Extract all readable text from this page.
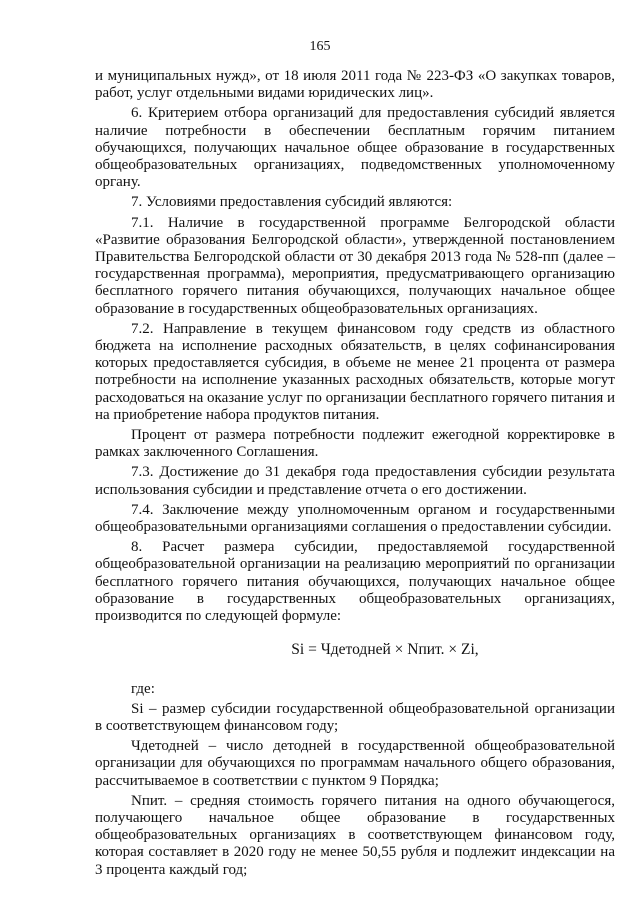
165

и муниципальных нужд», от 18 июля 2011 года № 223-ФЗ «О закупках товаров, работ, услуг отдельными видами юридических лиц».

6. Критерием отбора организаций для предоставления субсидий является наличие потребности в обеспечении бесплатным горячим питанием обучающихся, получающих начальное общее образование в государственных общеобразовательных организациях, подведомственных уполномоченному органу.

7. Условиями предоставления субсидий являются:

7.1. Наличие в государственной программе Белгородской области «Развитие образования Белгородской области», утвержденной постановлением Правительства Белгородской области от 30 декабря 2013 года № 528-пп (далее – государственная программа), мероприятия, предусматривающего организацию бесплатного горячего питания обучающихся, получающих начальное общее образование в государственных общеобразовательных организациях.

7.2. Направление в текущем финансовом году средств из областного бюджета на исполнение расходных обязательств, в целях софинансирования которых предоставляется субсидия, в объеме не менее 21 процента от размера потребности на исполнение указанных расходных обязательств, которые могут расходоваться на оказание услуг по организации бесплатного горячего питания и на приобретение набора продуктов питания.

Процент от размера потребности подлежит ежегодной корректировке в рамках заключенного Соглашения.

7.3. Достижение до 31 декабря года предоставления субсидии результата использования субсидии и представление отчета о его достижении.

7.4. Заключение между уполномоченным органом и государственными общеобразовательными организациями соглашения о предоставлении субсидии.

8. Расчет размера субсидии, предоставляемой государственной общеобразовательной организации на реализацию мероприятий по организации бесплатного горячего питания обучающихся, получающих начальное общее образование в государственных общеобразовательных организациях, производится по следующей формуле:

Si = Чдетодней × Nпит. × Zi,

где:

Si – размер субсидии государственной общеобразовательной организации в соответствующем финансовом году;

Чдетодней – число детодней в государственной общеобразовательной организации для обучающихся по программам начального общего образования, рассчитываемое в соответствии с пунктом 9 Порядка;

Nпит. – средняя стоимость горячего питания на одного обучающегося, получающего начальное общее образование в государственных общеобразовательных организациях в соответствующем финансовом году, которая составляет в 2020 году не менее 50,55 рубля и подлежит индексации на 3 процента каждый год;
